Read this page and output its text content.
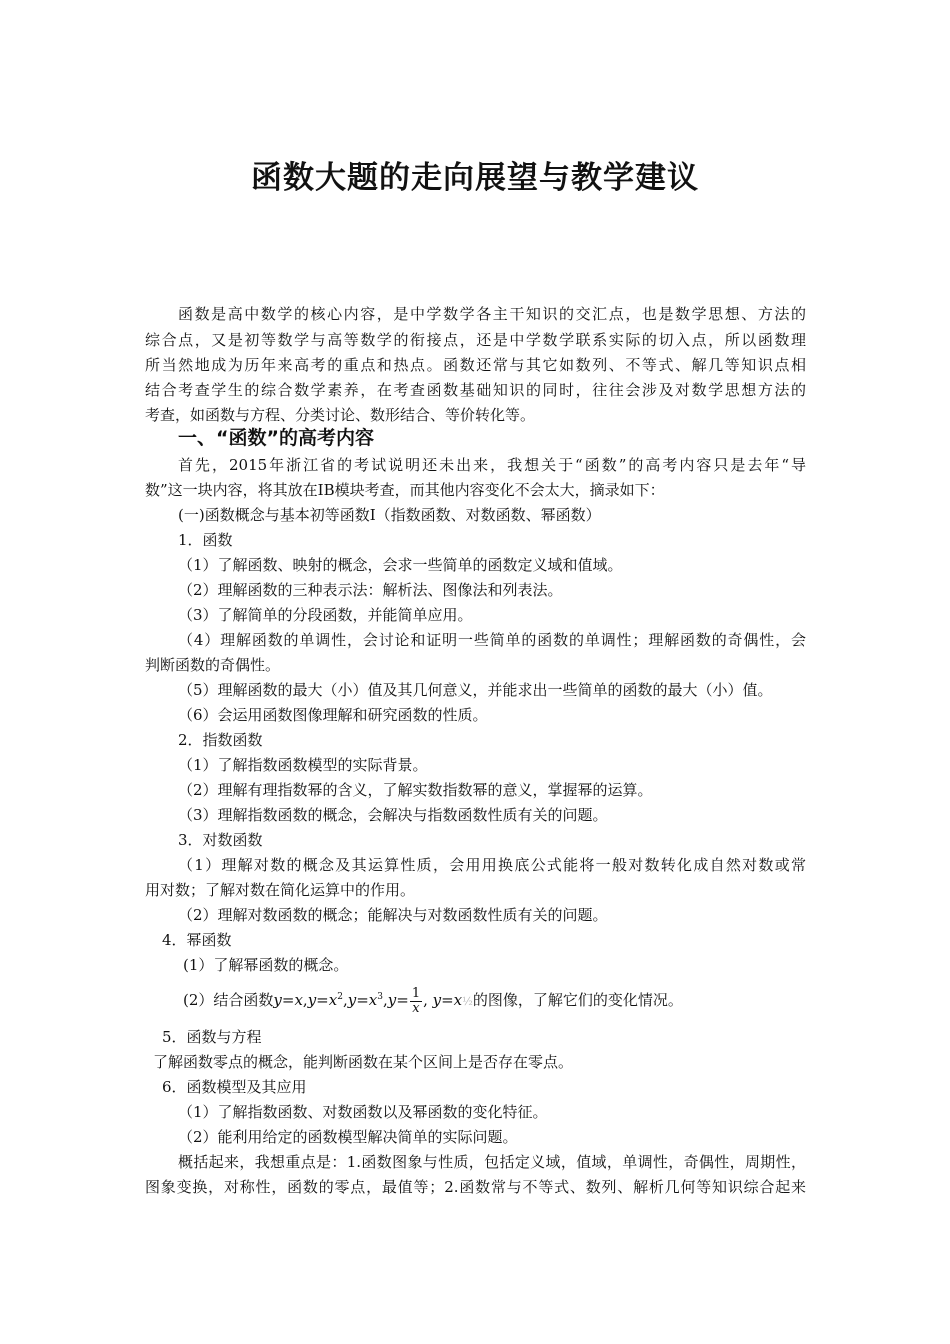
函数大题的走向展望与教学建议
函数是高中数学的核心内容，是中学数学各主干知识的交汇点，也是数学思想、方法的
综合点，又是初等数学与高等数学的衔接点，还是中学数学联系实际的切入点，所以函数理
所当然地成为历年来高考的重点和热点。函数还常与其它如数列、不等式、解几等知识点相
结合考查学生的综合数学素养，在考查函数基础知识的同时，往往会涉及对数学思想方法的
考查，如函数与方程、分类讨论、数形结合、等价转化等。
一、“函数”的高考内容
首先，2015年浙江省的考试说明还未出来，我想关于“函数”的高考内容只是去年“导
数”这一块内容，将其放在IB模块考查，而其他内容变化不会太大，摘录如下：
(一)函数概念与基本初等函数Ⅰ（指数函数、对数函数、幂函数）
1．函数
（1）了解函数、映射的概念，会求一些简单的函数定义域和值域。
（2）理解函数的三种表示法：解析法、图像法和列表法。
（3）了解简单的分段函数，并能简单应用。
（4）理解函数的单调性，会讨论和证明一些简单的函数的单调性；理解函数的奇偶性，会
判断函数的奇偶性。
（5）理解函数的最大（小）值及其几何意义，并能求出一些简单的函数的最大（小）值。
（6）会运用函数图像理解和研究函数的性质。
2．指数函数
（1）了解指数函数模型的实际背景。
（2）理解有理指数幂的含义，了解实数指数幂的意义，掌握幂的运算。
（3）理解指数函数的概念，会解决与指数函数性质有关的问题。
3．对数函数
（1）理解对数的概念及其运算性质，会用用换底公式能将一般对数转化成自然对数或常
用对数；了解对数在简化运算中的作用。
（2）理解对数函数的概念；能解决与对数函数性质有关的问题。
4．幂函数
(1）了解幂函数的概念。
(2）结合函数$y=x,y=x^2,y=x^3,y= \frac{1}{x}$ , y=x½的图像，了解它们的变化情况。
5．函数与方程
了解函数零点的概念，能判断函数在某个区间上是否存在零点。
6．函数模型及其应用
（1）了解指数函数、对数函数以及幂函数的变化特征。
（2）能利用给定的函数模型解决简单的实际问题。
概括起来，我想重点是：1.函数图象与性质，包括定义域，值域，单调性，奇偶性，周期性，
图象变换，对称性，函数的零点，最值等；2.函数常与不等式、数列、解析几何等知识综合起来
